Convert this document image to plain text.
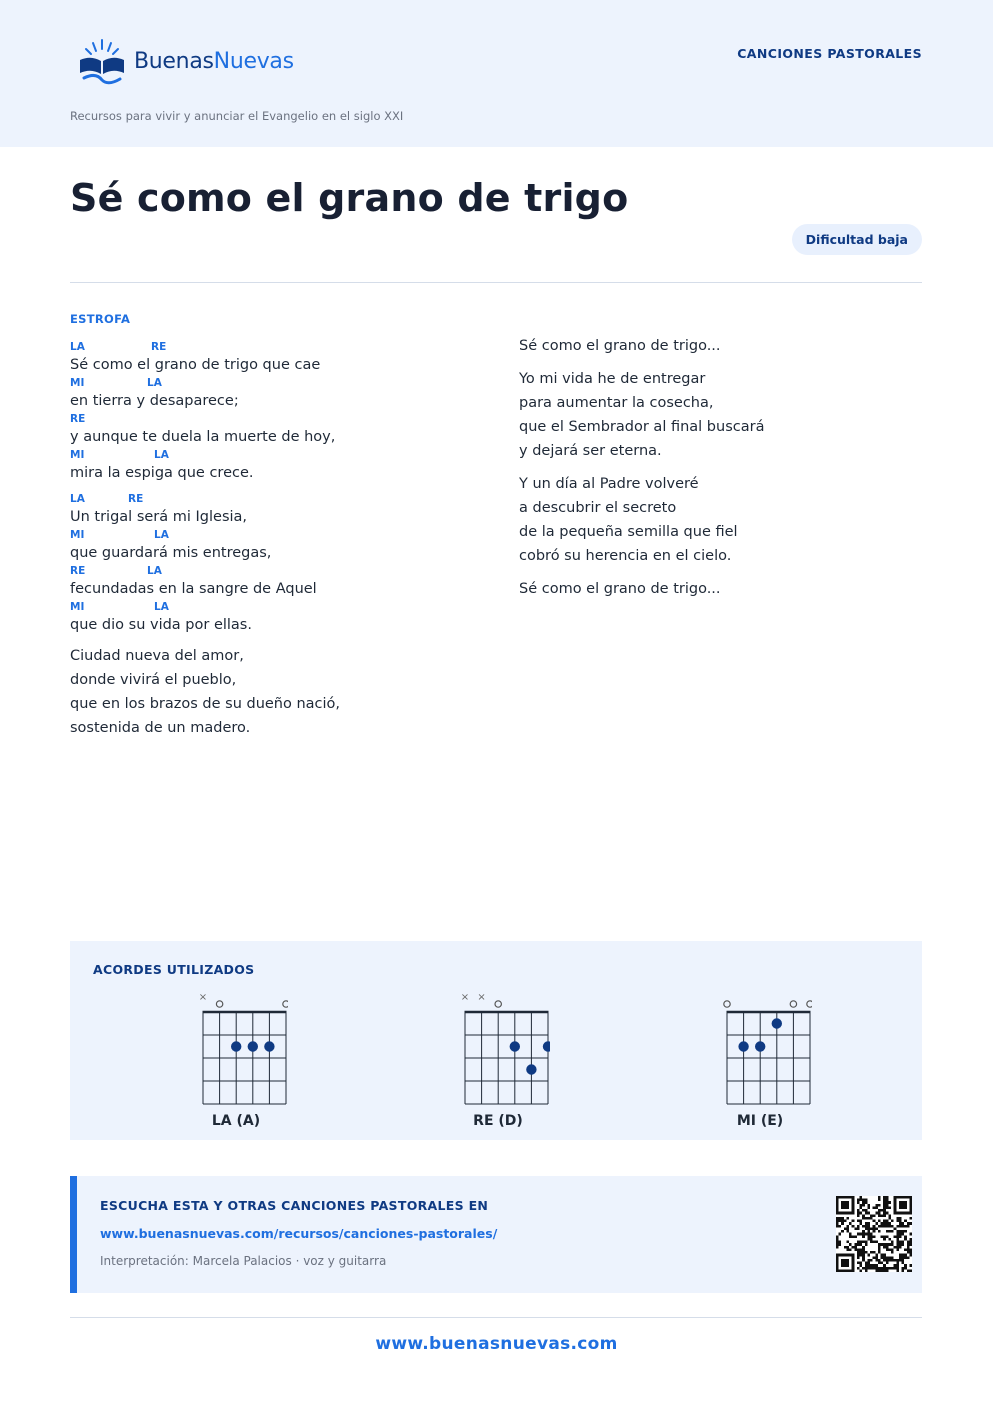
BuenasNuevas	CANCIONES PASTORALES
Recursos para vivir y anunciar el Evangelio en el siglo XXI
Sé como el grano de trigo
Dificultad baja
ESTROFA
LA	RE
Sé como el grano de trigo que cae
MI	LA
en tierra y desaparece;
RE
y aunque te duela la muerte de hoy,
MI	LA
mira la espiga que crece.
LA	RE
Un trigal será mi Iglesia,
MI	LA
que guardará mis entregas,
RE	LA
fecundadas en la sangre de Aquel
MI	LA
que dio su vida por ellas.
Ciudad nueva del amor,
donde vivirá el pueblo,
que en los brazos de su dueño nació,
sostenida de un madero.
Sé como el grano de trigo...
Yo mi vida he de entregar
para aumentar la cosecha,
que el Sembrador al final buscará
y dejará ser eterna.
Y un día al Padre volveré
a descubrir el secreto
de la pequeña semilla que fiel
cobró su herencia en el cielo.
Sé como el grano de trigo...
ACORDES UTILIZADOS
×
LA (A)
× ×
RE (D)	MI (E)
ESCUCHA ESTA Y OTRAS CANCIONES PASTORALES EN
www.buenasnuevas.com/recursos/canciones-pastorales/
Interpretación: Marcela Palacios · voz y guitarra
www.buenasnuevas.com
